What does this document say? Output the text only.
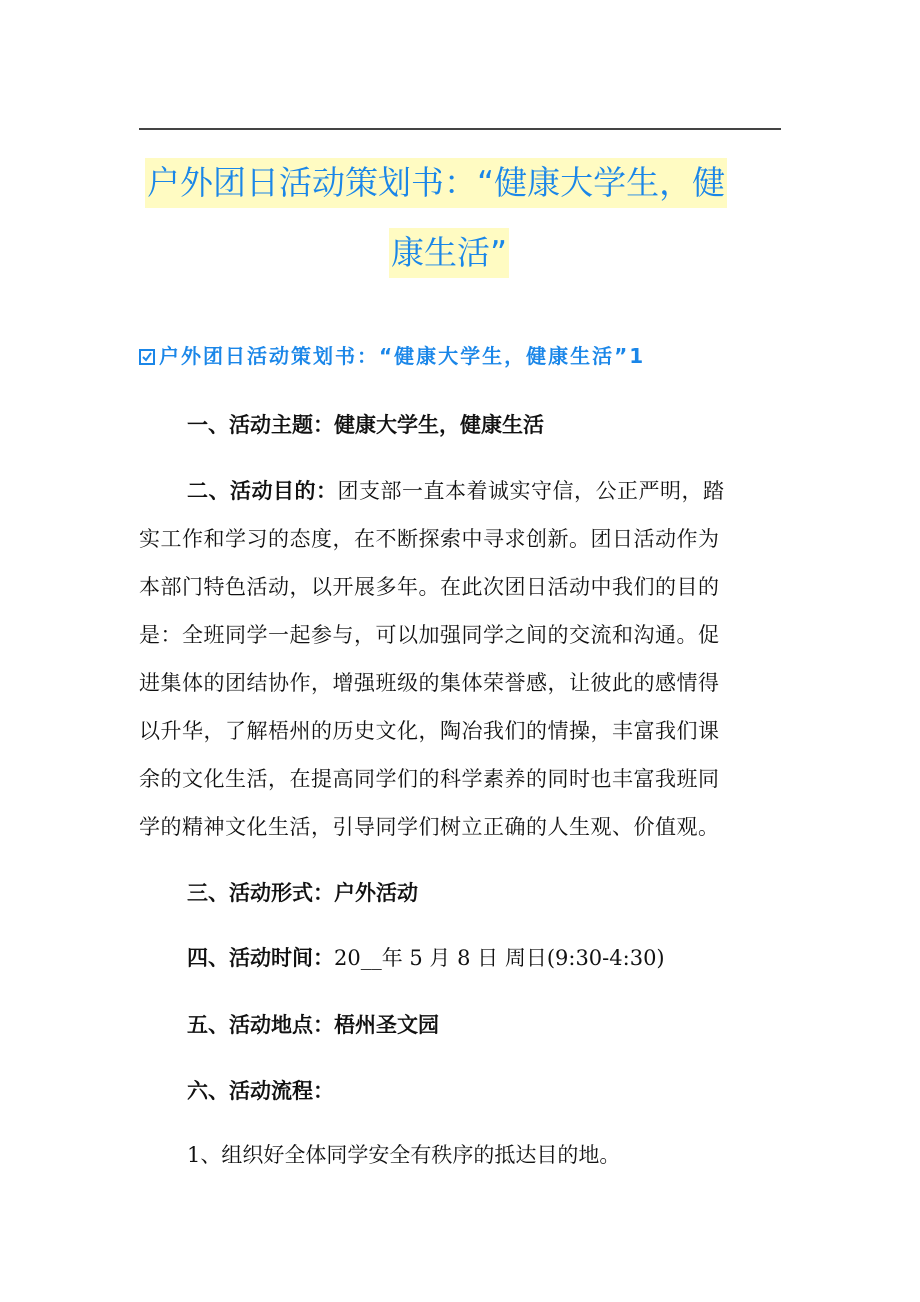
户外团日活动策划书：“健康大学生，健
康生活”
户外团日活动策划书：“健康大学生，健康生活”1
一、活动主题：健康大学生，健康生活
二、活动目的：团支部一直本着诚实守信，公正严明，踏
实工作和学习的态度，在不断探索中寻求创新。团日活动作为
本部门特色活动，以开展多年。在此次团日活动中我们的目的
是：全班同学一起参与，可以加强同学之间的交流和沟通。促
进集体的团结协作，增强班级的集体荣誉感，让彼此的感情得
以升华，了解梧州的历史文化，陶冶我们的情操，丰富我们课
余的文化生活，在提高同学们的科学素养的同时也丰富我班同
学的精神文化生活，引导同学们树立正确的人生观、价值观。
三、活动形式：户外活动
四、活动时间：20__年 5 月 8 日 周日(9:30-4:30)
五、活动地点：梧州圣文园
六、活动流程：
1、组织好全体同学安全有秩序的抵达目的地。
